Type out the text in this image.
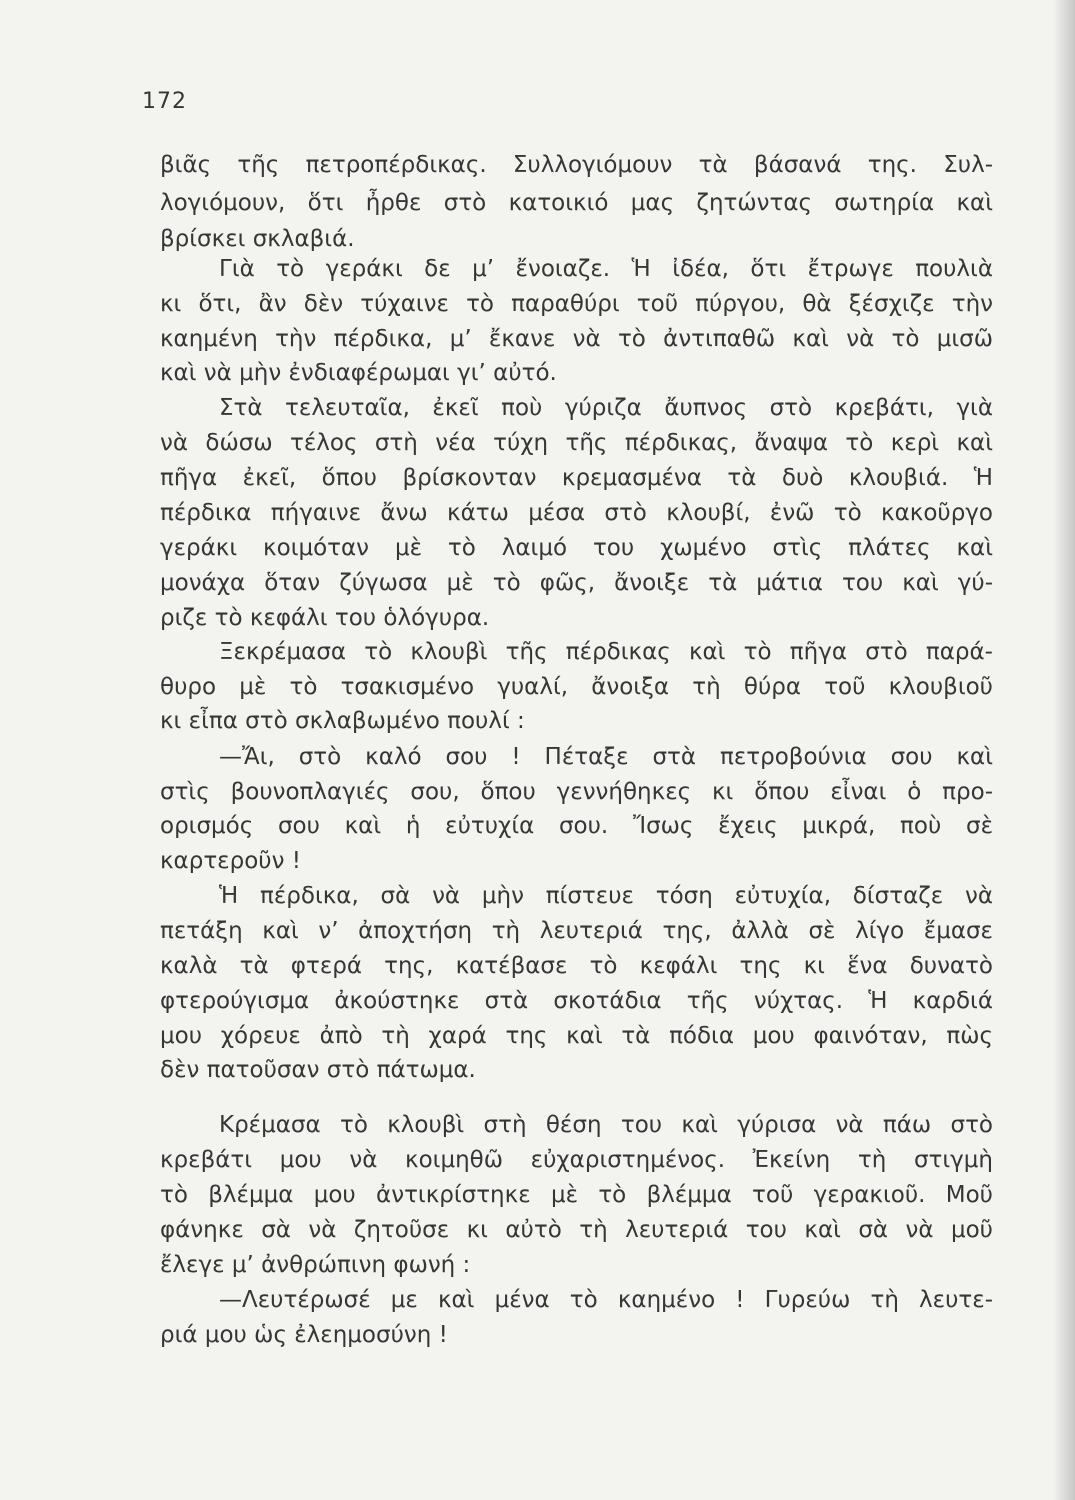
172
βιᾶς τῆς πετροπέρδικας. Συλλογιόμουν τὰ βάσανά της. Συλ-
λογιόμουν, ὅτι ἦρθε στὸ κατοικιό μας ζητώντας σωτηρία καὶ
βρίσκει σκλαβιά.
Γιὰ τὸ γεράκι δε μ’ ἔνοιαζε. Ἡ ἰδέα, ὅτι ἔτρωγε πουλιὰ
κι ὅτι, ἂν δὲν τύχαινε τὸ παραθύρι τοῦ πύργου, θὰ ξέσχιζε τὴν
καημένη τὴν πέρδικα, μ’ ἔκανε νὰ τὸ ἀντιπαθῶ καὶ νὰ τὸ μισῶ
καὶ νὰ μὴν ἐνδιαφέρωμαι γι’ αὐτό.
Στὰ τελευταῖα, ἐκεῖ ποὺ γύριζα ἄυπνος στὸ κρεβάτι, γιὰ
νὰ δώσω τέλος στὴ νέα τύχη τῆς πέρδικας, ἄναψα τὸ κερὶ καὶ
πῆγα ἐκεῖ, ὅπου βρίσκονταν κρεμασμένα τὰ δυὸ κλουβιά. Ἡ
πέρδικα πήγαινε ἄνω κάτω μέσα στὸ κλουβί, ἐνῶ τὸ κακοῦργο
γεράκι κοιμόταν μὲ τὸ λαιμό του χωμένο στὶς πλάτες καὶ
μονάχα ὅταν ζύγωσα μὲ τὸ φῶς, ἄνοιξε τὰ μάτια του καὶ γύ-
ριζε τὸ κεφάλι του ὁλόγυρα.
Ξεκρέμασα τὸ κλουβὶ τῆς πέρδικας καὶ τὸ πῆγα στὸ παρά-
θυρο μὲ τὸ τσακισμένο γυαλί, ἄνοιξα τὴ θύρα τοῦ κλουβιοῦ
κι εἶπα στὸ σκλαβωμένο πουλί :
—Ἄι, στὸ καλό σου ! Πέταξε στὰ πετροβούνια σου καὶ
στὶς βουνοπλαγιές σου, ὅπου γεννήθηκες κι ὅπου εἶναι ὁ προ-
ορισμός σου καὶ ἡ εὐτυχία σου. Ἴσως ἔχεις μικρά, ποὺ σὲ
καρτεροῦν !
Ἡ πέρδικα, σὰ νὰ μὴν πίστευε τόση εὐτυχία, δίσταζε νὰ
πετάξη καὶ ν’ ἀποχτήση τὴ λευτεριά της, ἀλλὰ σὲ λίγο ἔμασε
καλὰ τὰ φτερά της, κατέβασε τὸ κεφάλι της κι ἕνα δυνατὸ
φτερούγισμα ἀκούστηκε στὰ σκοτάδια τῆς νύχτας. Ἡ καρδιά
μου χόρευε ἀπὸ τὴ χαρά της καὶ τὰ πόδια μου φαινόταν, πὼς
δὲν πατοῦσαν στὸ πάτωμα.
Κρέμασα τὸ κλουβὶ στὴ θέση του καὶ γύρισα νὰ πάω στὸ
κρεβάτι μου νὰ κοιμηθῶ εὐχαριστημένος. Ἐκείνη τὴ στιγμὴ
τὸ βλέμμα μου ἀντικρίστηκε μὲ τὸ βλέμμα τοῦ γερακιοῦ. Μοῦ
φάνηκε σὰ νὰ ζητοῦσε κι αὐτὸ τὴ λευτεριά του καὶ σὰ νὰ μοῦ
ἔλεγε μ’ ἀνθρώπινη φωνή :
—Λευτέρωσέ με καὶ μένα τὸ καημένο ! Γυρεύω τὴ λευτε-
ριά μου ὡς ἐλεημοσύνη !
